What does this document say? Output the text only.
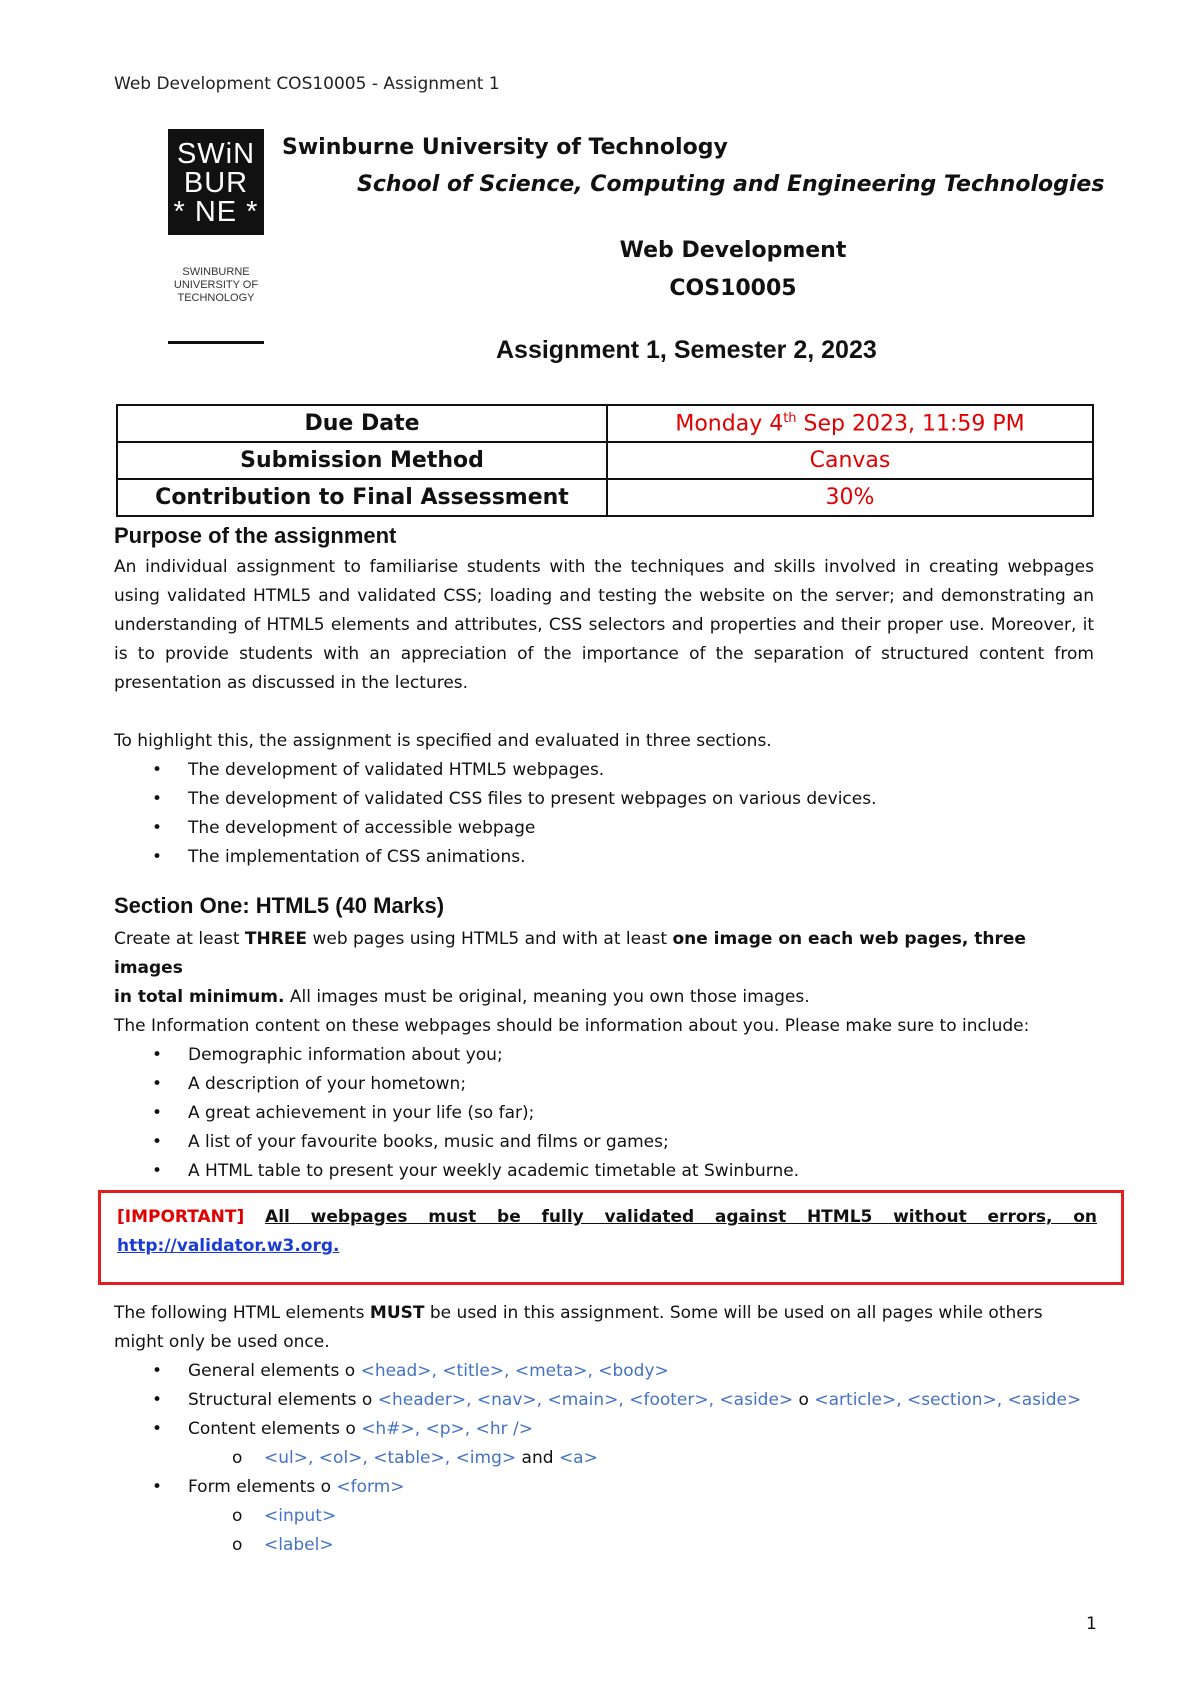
Web Development COS10005 - Assignment 1
SWiN
BUR
* NE *
SWINBURNE
UNIVERSITY OF
TECHNOLOGY
Swinburne University of Technology
School of Science, Computing and Engineering Technologies
Web Development
COS10005
Assignment 1, Semester 2, 2023
Due Date	Monday 4th Sep 2023, 11:59 PM
Submission Method	Canvas
Contribution to Final Assessment	30%
Purpose of the assignment
An individual assignment to familiarise students with the techniques and skills involved in creating webpages using validated HTML5 and validated CSS; loading and testing the website on the server; and demonstrating an understanding of HTML5 elements and attributes, CSS selectors and properties and their proper use. Moreover, it is to provide students with an appreciation of the importance of the separation of structured content from presentation as discussed in the lectures.
To highlight this, the assignment is specified and evaluated in three sections.
• The development of validated HTML5 webpages.
• The development of validated CSS files to present webpages on various devices.
• The development of accessible webpage
• The implementation of CSS animations.
Section One: HTML5 (40 Marks)
Create at least THREE web pages using HTML5 and with at least one image on each web pages, three images
in total minimum. All images must be original, meaning you own those images.
The Information content on these webpages should be information about you. Please make sure to include:
• Demographic information about you;
• A description of your hometown;
• A great achievement in your life (so far);
• A list of your favourite books, music and films or games;
• A HTML table to present your weekly academic timetable at Swinburne.
[IMPORTANT] All webpages must be fully validated against HTML5 without errors, on
http://validator.w3.org.
The following HTML elements MUST be used in this assignment. Some will be used on all pages while others
might only be used once.
• General elements o <head>, <title>, <meta>, <body>
• Structural elements o <header>, <nav>, <main>, <footer>, <aside> o <article>, <section>, <aside>
• Content elements o <h#>, <p>, <hr />
o <ul>, <ol>, <table>, <img> and <a>
• Form elements o <form>
o <input>
o <label>
1
